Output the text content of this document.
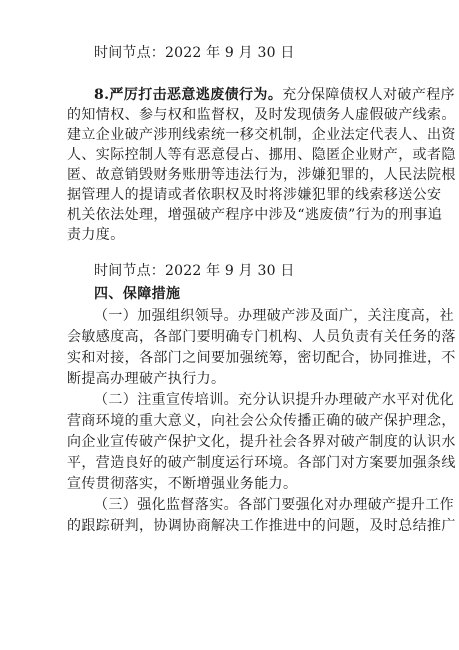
时间节点：2022 年 9 月 30 日
8.严厉打击恶意逃废债行为。充分保障债权人对破产程序
的知情权、参与权和监督权，及时发现债务人虚假破产线索。
建立企业破产涉刑线索统一移交机制，企业法定代表人、出资
人、实际控制人等有恶意侵占、挪用、隐匿企业财产，或者隐
匿、故意销毁财务账册等违法行为，涉嫌犯罪的，人民法院根
据管理人的提请或者依职权及时将涉嫌犯罪的线索移送公安
机关依法处理，增强破产程序中涉及“逃废债”行为的刑事追
责力度。
时间节点：2022 年 9 月 30 日
四、保障措施
（一）加强组织领导。办理破产涉及面广，关注度高，社
会敏感度高，各部门要明确专门机构、人员负责有关任务的落
实和对接，各部门之间要加强统筹，密切配合，协同推进，不
断提高办理破产执行力。
（二）注重宣传培训。充分认识提升办理破产水平对优化
营商环境的重大意义，向社会公众传播正确的破产保护理念，
向企业宣传破产保护文化，提升社会各界对破产制度的认识水
平，营造良好的破产制度运行环境。各部门对方案要加强条线
宣传贯彻落实，不断增强业务能力。
（三）强化监督落实。各部门要强化对办理破产提升工作
的跟踪研判，协调协商解决工作推进中的问题，及时总结推广
